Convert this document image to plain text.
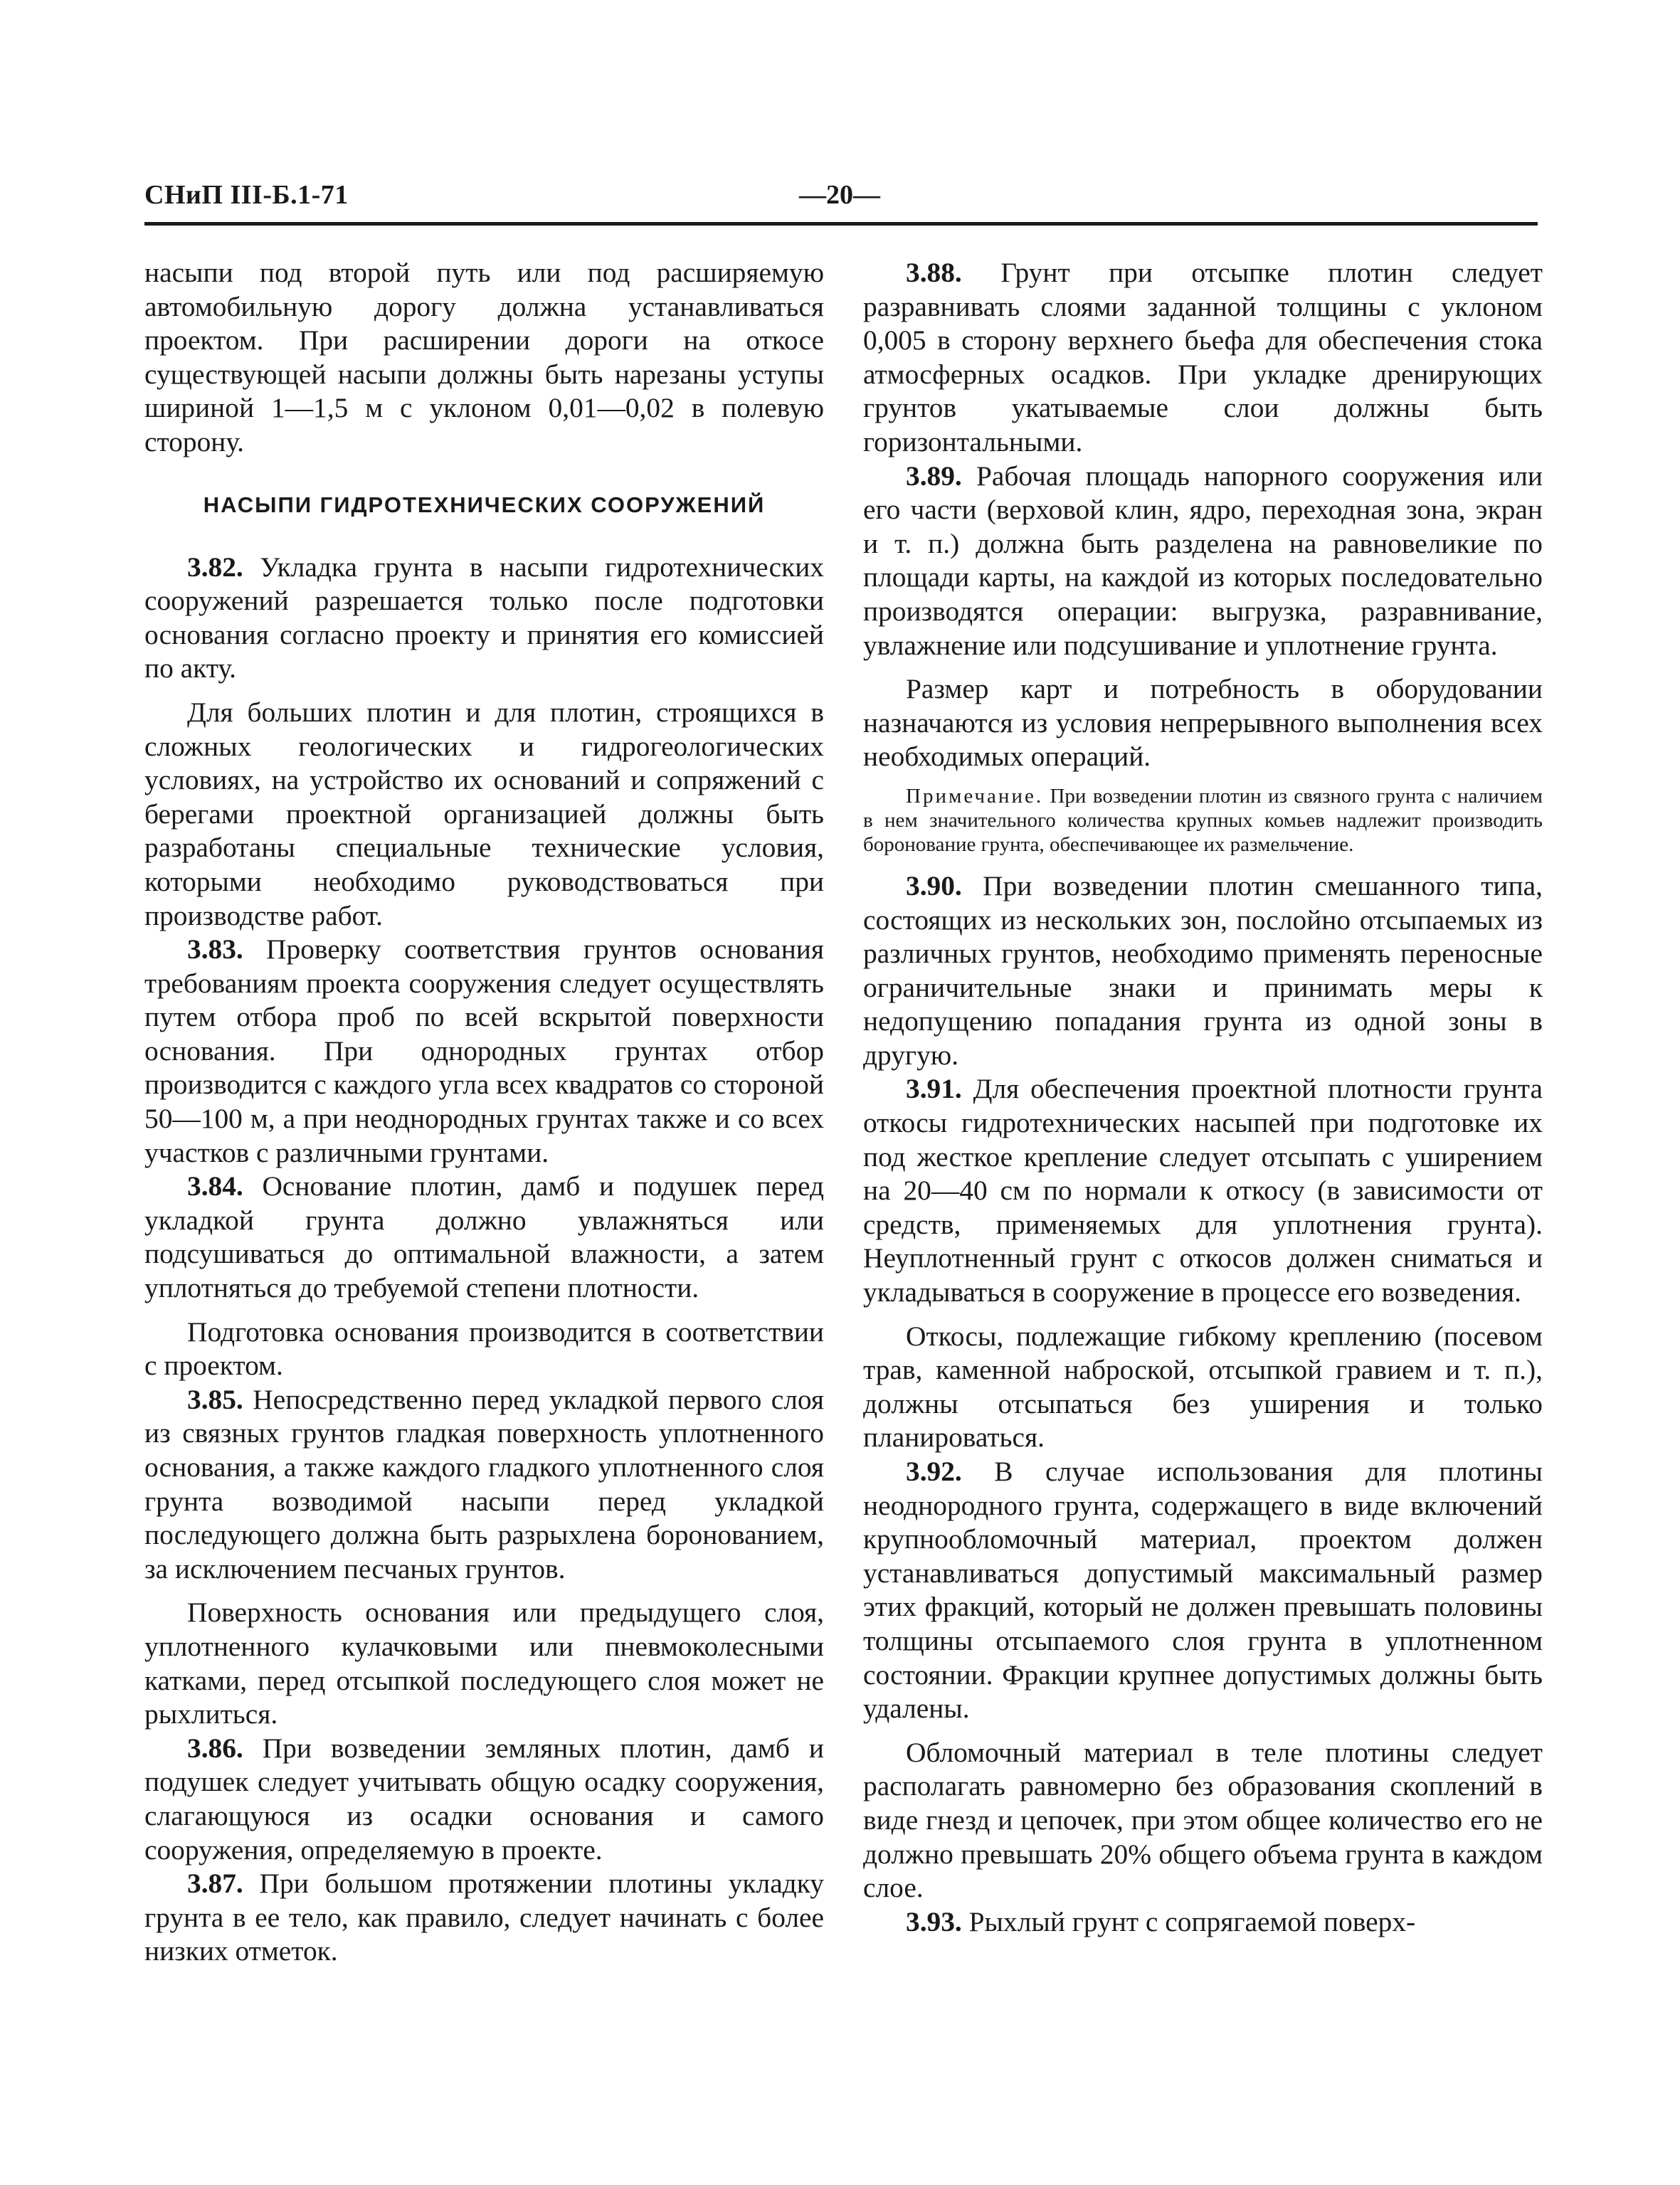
СНиП III-Б.1-71	—20—

насыпи под второй путь или под расширяемую автомобильную дорогу должна устанавливаться проектом. При расширении дороги на откосе существующей насыпи должны быть нарезаны уступы шириной 1—1,5 м с уклоном 0,01—0,02 в полевую сторону.

НАСЫПИ ГИДРОТЕХНИЧЕСКИХ СООРУЖЕНИЙ

3.82. Укладка грунта в насыпи гидротехнических сооружений разрешается только после подготовки основания согласно проекту и принятия его комиссией по акту.

Для больших плотин и для плотин, строящихся в сложных геологических и гидрогеологических условиях, на устройство их оснований и сопряжений с берегами проектной организацией должны быть разработаны специальные технические условия, которыми необходимо руководствоваться при производстве работ.

3.83. Проверку соответствия грунтов основания требованиям проекта сооружения следует осуществлять путем отбора проб по всей вскрытой поверхности основания. При однородных грунтах отбор производится с каждого угла всех квадратов со стороной 50—100 м, а при неоднородных грунтах также и со всех участков с различными грунтами.

3.84. Основание плотин, дамб и подушек перед укладкой грунта должно увлажняться или подсушиваться до оптимальной влажности, а затем уплотняться до требуемой степени плотности.

Подготовка основания производится в соответствии с проектом.

3.85. Непосредственно перед укладкой первого слоя из связных грунтов гладкая поверхность уплотненного основания, а также каждого гладкого уплотненного слоя грунта возводимой насыпи перед укладкой последующего должна быть разрыхлена боронованием, за исключением песчаных грунтов.

Поверхность основания или предыдущего слоя, уплотненного кулачковыми или пневмоколесными катками, перед отсыпкой последующего слоя может не рыхлиться.

3.86. При возведении земляных плотин, дамб и подушек следует учитывать общую осадку сооружения, слагающуюся из осадки основания и самого сооружения, определяемую в проекте.

3.87. При большом протяжении плотины укладку грунта в ее тело, как правило, следует начинать с более низких отметок.

3.88. Грунт при отсыпке плотин следует разравнивать слоями заданной толщины с уклоном 0,005 в сторону верхнего бьефа для обеспечения стока атмосферных осадков. При укладке дренирующих грунтов укатываемые слои должны быть горизонтальными.

3.89. Рабочая площадь напорного сооружения или его части (верховой клин, ядро, переходная зона, экран и т. п.) должна быть разделена на равновеликие по площади карты, на каждой из которых последовательно производятся операции: выгрузка, разравнивание, увлажнение или подсушивание и уплотнение грунта.

Размер карт и потребность в оборудовании назначаются из условия непрерывного выполнения всех необходимых операций.

Примечание. При возведении плотин из связного грунта с наличием в нем значительного количества крупных комьев надлежит производить боронование грунта, обеспечивающее их размельчение.

3.90. При возведении плотин смешанного типа, состоящих из нескольких зон, послойно отсыпаемых из различных грунтов, необходимо применять переносные ограничительные знаки и принимать меры к недопущению попадания грунта из одной зоны в другую.

3.91. Для обеспечения проектной плотности грунта откосы гидротехнических насыпей при подготовке их под жесткое крепление следует отсыпать с уширением на 20—40 см по нормали к откосу (в зависимости от средств, применяемых для уплотнения грунта). Неуплотненный грунт с откосов должен сниматься и укладываться в сооружение в процессе его возведения.

Откосы, подлежащие гибкому креплению (посевом трав, каменной наброской, отсыпкой гравием и т. п.), должны отсыпаться без уширения и только планироваться.

3.92. В случае использования для плотины неоднородного грунта, содержащего в виде включений крупнообломочный материал, проектом должен устанавливаться допустимый максимальный размер этих фракций, который не должен превышать половины толщины отсыпаемого слоя грунта в уплотненном состоянии. Фракции крупнее допустимых должны быть удалены.

Обломочный материал в теле плотины следует располагать равномерно без образования скоплений в виде гнезд и цепочек, при этом общее количество его не должно превышать 20% общего объема грунта в каждом слое.

3.93. Рыхлый грунт с сопрягаемой поверх-
